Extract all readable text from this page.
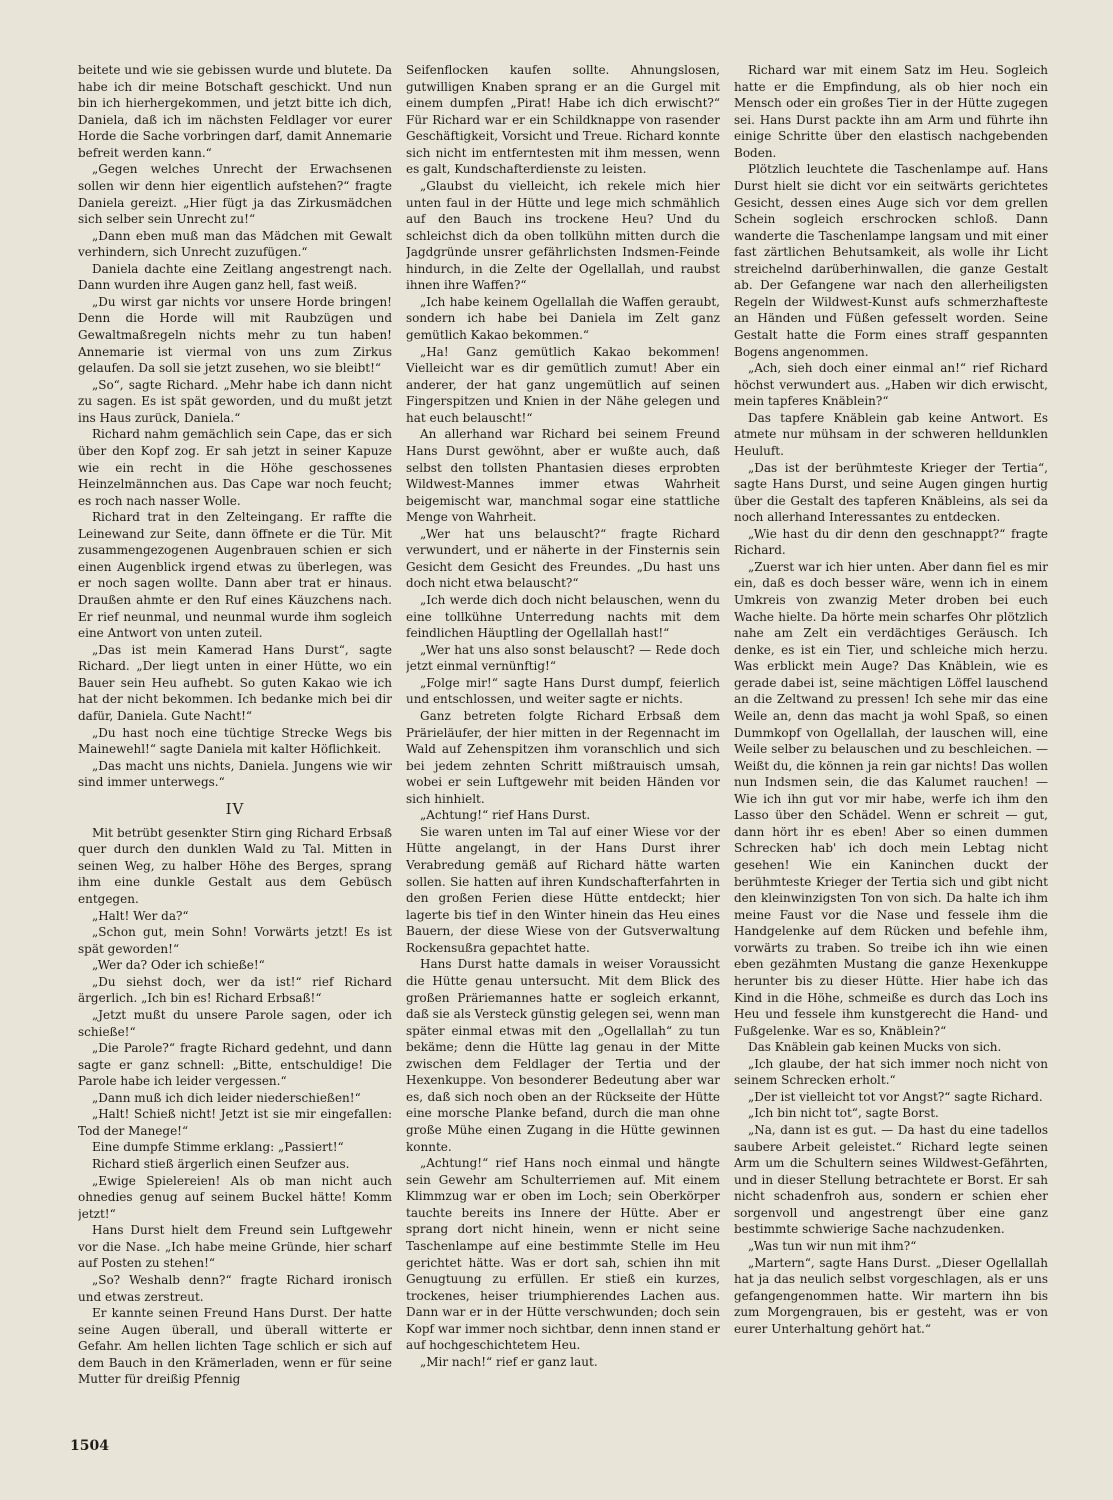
beitete und wie sie gebissen wurde und blutete. Da habe ich dir meine Botschaft geschickt. Und nun bin ich hierhergekommen, und jetzt bitte ich dich, Daniela, daß ich im nächsten Feldlager vor eurer Horde die Sache vorbringen darf, damit Annemarie befreit werden kann.“

„Gegen welches Unrecht der Erwachsenen sollen wir denn hier eigentlich aufstehen?“ fragte Daniela gereizt. „Hier fügt ja das Zirkusmädchen sich selber sein Unrecht zu!“

„Dann eben muß man das Mädchen mit Gewalt verhindern, sich Unrecht zuzufügen.“

Daniela dachte eine Zeitlang angestrengt nach. Dann wurden ihre Augen ganz hell, fast weiß.

„Du wirst gar nichts vor unsere Horde bringen! Denn die Horde will mit Raubzügen und Gewaltmaßregeln nichts mehr zu tun haben! Annemarie ist viermal von uns zum Zirkus gelaufen. Da soll sie jetzt zusehen, wo sie bleibt!“

„So“, sagte Richard. „Mehr habe ich dann nicht zu sagen. Es ist spät geworden, und du mußt jetzt ins Haus zurück, Daniela.“

Richard nahm gemächlich sein Cape, das er sich über den Kopf zog. Er sah jetzt in seiner Kapuze wie ein recht in die Höhe geschossenes Heinzelmännchen aus. Das Cape war noch feucht; es roch nach nasser Wolle.

Richard trat in den Zelteingang. Er raffte die Leinewand zur Seite, dann öffnete er die Tür. Mit zusammengezogenen Augenbrauen schien er sich einen Augenblick irgend etwas zu überlegen, was er noch sagen wollte. Dann aber trat er hinaus. Draußen ahmte er den Ruf eines Käuzchens nach. Er rief neunmal, und neunmal wurde ihm sogleich eine Antwort von unten zuteil.

„Das ist mein Kamerad Hans Durst“, sagte Richard. „Der liegt unten in einer Hütte, wo ein Bauer sein Heu aufhebt. So guten Kakao wie ich hat der nicht bekommen. Ich bedanke mich bei dir dafür, Daniela. Gute Nacht!“

„Du hast noch eine tüchtige Strecke Wegs bis Mainewehl!“ sagte Daniela mit kalter Höflichkeit.

„Das macht uns nichts, Daniela. Jungens wie wir sind immer unterwegs.“

IV

Mit betrübt gesenkter Stirn ging Richard Erbsaß quer durch den dunklen Wald zu Tal. Mitten in seinen Weg, zu halber Höhe des Berges, sprang ihm eine dunkle Gestalt aus dem Gebüsch entgegen.

„Halt! Wer da?“

„Schon gut, mein Sohn! Vorwärts jetzt! Es ist spät geworden!“

„Wer da? Oder ich schieße!“

„Du siehst doch, wer da ist!“ rief Richard ärgerlich. „Ich bin es! Richard Erbsaß!“

„Jetzt mußt du unsere Parole sagen, oder ich schieße!“

„Die Parole?“ fragte Richard gedehnt, und dann sagte er ganz schnell: „Bitte, entschuldige! Die Parole habe ich leider vergessen.“

„Dann muß ich dich leider niederschießen!“

„Halt! Schieß nicht! Jetzt ist sie mir eingefallen: Tod der Manege!“

Eine dumpfe Stimme erklang: „Passiert!“

Richard stieß ärgerlich einen Seufzer aus.

„Ewige Spielereien! Als ob man nicht auch ohnedies genug auf seinem Buckel hätte! Komm jetzt!“

Hans Durst hielt dem Freund sein Luftgewehr vor die Nase. „Ich habe meine Gründe, hier scharf auf Posten zu stehen!“

„So? Weshalb denn?“ fragte Richard ironisch und etwas zerstreut.

Er kannte seinen Freund Hans Durst. Der hatte seine Augen überall, und überall witterte er Gefahr. Am hellen lichten Tage schlich er sich auf dem Bauch in den Krämerladen, wenn er für seine Mutter für dreißig Pfennig

Seifenflocken kaufen sollte. Ahnungslosen, gutwilligen Knaben sprang er an die Gurgel mit einem dumpfen „Pirat! Habe ich dich erwischt?“ Für Richard war er ein Schildknappe von rasender Geschäftigkeit, Vorsicht und Treue. Richard konnte sich nicht im entferntesten mit ihm messen, wenn es galt, Kundschafterdienste zu leisten.

„Glaubst du vielleicht, ich rekele mich hier unten faul in der Hütte und lege mich schmählich auf den Bauch ins trockene Heu? Und du schleichst dich da oben tollkühn mitten durch die Jagdgründe unsrer gefährlichsten Indsmen-Feinde hindurch, in die Zelte der Ogellallah, und raubst ihnen ihre Waffen?“

„Ich habe keinem Ogellallah die Waffen geraubt, sondern ich habe bei Daniela im Zelt ganz gemütlich Kakao bekommen.“

„Ha! Ganz gemütlich Kakao bekommen! Vielleicht war es dir gemütlich zumut! Aber ein anderer, der hat ganz ungemütlich auf seinen Fingerspitzen und Knien in der Nähe gelegen und hat euch belauscht!“

An allerhand war Richard bei seinem Freund Hans Durst gewöhnt, aber er wußte auch, daß selbst den tollsten Phantasien dieses erprobten Wildwest-Mannes immer etwas Wahrheit beigemischt war, manchmal sogar eine stattliche Menge von Wahrheit.

„Wer hat uns belauscht?“ fragte Richard verwundert, und er näherte in der Finsternis sein Gesicht dem Gesicht des Freundes. „Du hast uns doch nicht etwa belauscht?“

„Ich werde dich doch nicht belauschen, wenn du eine tollkühne Unterredung nachts mit dem feindlichen Häuptling der Ogellallah hast!“

„Wer hat uns also sonst belauscht? — Rede doch jetzt einmal vernünftig!“

„Folge mir!“ sagte Hans Durst dumpf, feierlich und entschlossen, und weiter sagte er nichts.

Ganz betreten folgte Richard Erbsaß dem Prärieläufer, der hier mitten in der Regennacht im Wald auf Zehenspitzen ihm voranschlich und sich bei jedem zehnten Schritt mißtrauisch umsah, wobei er sein Luftgewehr mit beiden Händen vor sich hinhielt.

„Achtung!“ rief Hans Durst.

Sie waren unten im Tal auf einer Wiese vor der Hütte angelangt, in der Hans Durst ihrer Verabredung gemäß auf Richard hätte warten sollen. Sie hatten auf ihren Kundschafterfahrten in den großen Ferien diese Hütte entdeckt; hier lagerte bis tief in den Winter hinein das Heu eines Bauern, der diese Wiese von der Gutsverwaltung Rockensußra gepachtet hatte.

Hans Durst hatte damals in weiser Voraussicht die Hütte genau untersucht. Mit dem Blick des großen Präriemannes hatte er sogleich erkannt, daß sie als Versteck günstig gelegen sei, wenn man später einmal etwas mit den „Ogellallah“ zu tun bekäme; denn die Hütte lag genau in der Mitte zwischen dem Feldlager der Tertia und der Hexenkuppe. Von besonderer Bedeutung aber war es, daß sich noch oben an der Rückseite der Hütte eine morsche Planke befand, durch die man ohne große Mühe einen Zugang in die Hütte gewinnen konnte.

„Achtung!“ rief Hans noch einmal und hängte sein Gewehr am Schulterriemen auf. Mit einem Klimmzug war er oben im Loch; sein Oberkörper tauchte bereits ins Innere der Hütte. Aber er sprang dort nicht hinein, wenn er nicht seine Taschenlampe auf eine bestimmte Stelle im Heu gerichtet hätte. Was er dort sah, schien ihn mit Genugtuung zu erfüllen. Er stieß ein kurzes, trockenes, heiser triumphierendes Lachen aus. Dann war er in der Hütte verschwunden; doch sein Kopf war immer noch sichtbar, denn innen stand er auf hochgeschichtetem Heu.

„Mir nach!“ rief er ganz laut.

Richard war mit einem Satz im Heu. Sogleich hatte er die Empfindung, als ob hier noch ein Mensch oder ein großes Tier in der Hütte zugegen sei. Hans Durst packte ihn am Arm und führte ihn einige Schritte über den elastisch nachgebenden Boden.

Plötzlich leuchtete die Taschenlampe auf. Hans Durst hielt sie dicht vor ein seitwärts gerichtetes Gesicht, dessen eines Auge sich vor dem grellen Schein sogleich erschrocken schloß. Dann wanderte die Taschenlampe langsam und mit einer fast zärtlichen Behutsamkeit, als wolle ihr Licht streichelnd darüberhinwallen, die ganze Gestalt ab. Der Gefangene war nach den allerheiligsten Regeln der Wildwest-Kunst aufs schmerzhafteste an Händen und Füßen gefesselt worden. Seine Gestalt hatte die Form eines straff gespannten Bogens angenommen.

„Ach, sieh doch einer einmal an!“ rief Richard höchst verwundert aus. „Haben wir dich erwischt, mein tapferes Knäblein?“

Das tapfere Knäblein gab keine Antwort. Es atmete nur mühsam in der schweren helldunklen Heuluft.

„Das ist der berühmteste Krieger der Tertia“, sagte Hans Durst, und seine Augen gingen hurtig über die Gestalt des tapferen Knäbleins, als sei da noch allerhand Interessantes zu entdecken.

„Wie hast du dir denn den geschnappt?“ fragte Richard.

„Zuerst war ich hier unten. Aber dann fiel es mir ein, daß es doch besser wäre, wenn ich in einem Umkreis von zwanzig Meter droben bei euch Wache hielte. Da hörte mein scharfes Ohr plötzlich nahe am Zelt ein verdächtiges Geräusch. Ich denke, es ist ein Tier, und schleiche mich herzu. Was erblickt mein Auge? Das Knäblein, wie es gerade dabei ist, seine mächtigen Löffel lauschend an die Zeltwand zu pressen! Ich sehe mir das eine Weile an, denn das macht ja wohl Spaß, so einen Dummkopf von Ogellallah, der lauschen will, eine Weile selber zu belauschen und zu beschleichen. — Weißt du, die können ja rein gar nichts! Das wollen nun Indsmen sein, die das Kalumet rauchen! — Wie ich ihn gut vor mir habe, werfe ich ihm den Lasso über den Schädel. Wenn er schreit — gut, dann hört ihr es eben! Aber so einen dummen Schrecken hab' ich doch mein Lebtag nicht gesehen! Wie ein Kaninchen duckt der berühmteste Krieger der Tertia sich und gibt nicht den kleinwinzigsten Ton von sich. Da halte ich ihm meine Faust vor die Nase und fessele ihm die Handgelenke auf dem Rücken und befehle ihm, vorwärts zu traben. So treibe ich ihn wie einen eben gezähmten Mustang die ganze Hexenkuppe herunter bis zu dieser Hütte. Hier habe ich das Kind in die Höhe, schmeiße es durch das Loch ins Heu und fessele ihm kunstgerecht die Hand- und Fußgelenke. War es so, Knäblein?“

Das Knäblein gab keinen Mucks von sich.

„Ich glaube, der hat sich immer noch nicht von seinem Schrecken erholt.“

„Der ist vielleicht tot vor Angst?“ sagte Richard.

„Ich bin nicht tot“, sagte Borst.

„Na, dann ist es gut. — Da hast du eine tadellos saubere Arbeit geleistet.“ Richard legte seinen Arm um die Schultern seines Wildwest-Gefährten, und in dieser Stellung betrachtete er Borst. Er sah nicht schadenfroh aus, sondern er schien eher sorgenvoll und angestrengt über eine ganz bestimmte schwierige Sache nachzudenken.

„Was tun wir nun mit ihm?“

„Martern“, sagte Hans Durst. „Dieser Ogellallah hat ja das neulich selbst vorgeschlagen, als er uns gefangengenommen hatte. Wir martern ihn bis zum Morgengrauen, bis er gesteht, was er von eurer Unterhaltung gehört hat.“

1504
